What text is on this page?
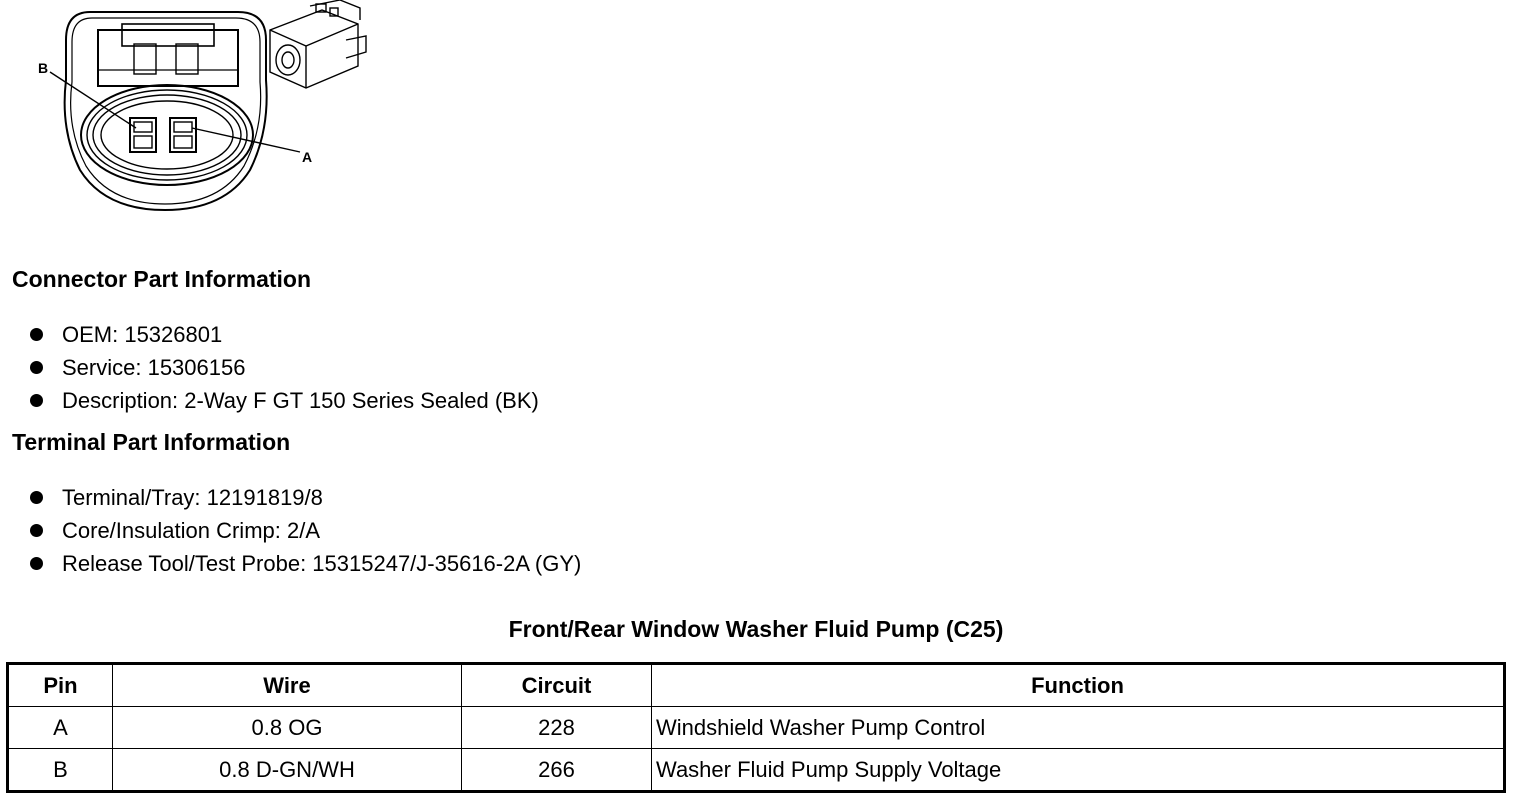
B
A
Connector Part Information
OEM: 15326801
Service: 15306156
Description: 2-Way F GT 150 Series Sealed (BK)
Terminal Part Information
Terminal/Tray: 12191819/8
Core/Insulation Crimp: 2/A
Release Tool/Test Probe: 15315247/J-35616-2A (GY)
Front/Rear Window Washer Fluid Pump (C25)
Pin	Wire	Circuit	Function
A	0.8 OG	228	Windshield Washer Pump Control
B	0.8 D-GN/WH	266	Washer Fluid Pump Supply Voltage
